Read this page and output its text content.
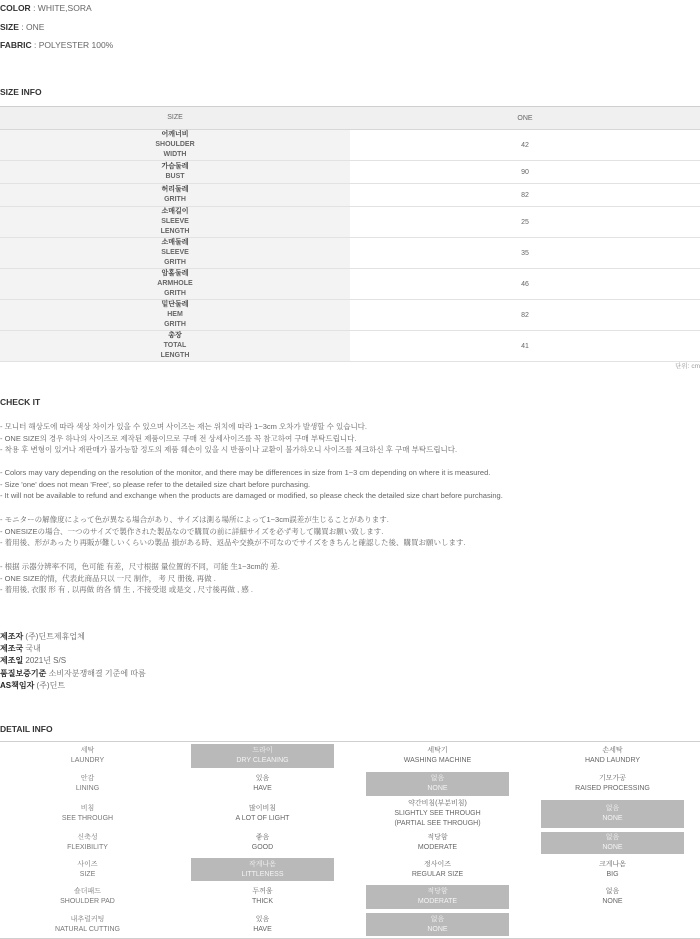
COLOR : WHITE,SORA
SIZE : ONE
FABRIC : POLYESTER 100%
SIZE INFO
SIZE	ONE
어깨너비
SHOULDER
WIDTH
42
가슴둘레
BUST
90
허리둘레
GRITH
82
소매길이
SLEEVE
LENGTH
25
소매둘레
SLEEVE
GRITH
35
암홀둘레
ARMHOLE
GRITH
46
밑단둘레
HEM
GRITH
82
총장
TOTAL
LENGTH
41
단위: cm
CHECK IT
- 모니터 해상도에 따라 색상 차이가 있을 수 있으며 사이즈는 재는 위치에 따라 1~3cm 오차가 발생할 수 있습니다.
- ONE SIZE의 경우 하나의 사이즈로 제작된 제품이므로 구매 전 상세사이즈를 꼭 참고하여 구매 부탁드립니다.
- 착용 후 변형이 있거나 재판매가 불가능할 정도의 제품 훼손이 있을 시 반품이나 교환이 불가하오니 사이즈를 체크하신 후 구매 부탁드립니다.
- Colors may vary depending on the resolution of the monitor, and there may be differences in size from 1~3 cm depending on where it is measured.
- Size 'one' does not mean 'Free', so please refer to the detailed size chart before purchasing.
- It will not be available to refund and exchange when the products are damaged or modified, so please check the detailed size chart before purchasing.
- モニターの解像度によって色が異なる場合があり、サイズは測る場所によって1~3cm誤差が生じることがあります.
- ONESIZEの場合、一つのサイズで製作された製品なので購買の前に詳細サイズを必ず考して購買お願い致します.
- 着用後、形があったり再販が難しいくらいの製品 損がある時、返品や交換が不可なのでサイズをきちんと確認した後、購買お願いします.
- 根据 示器分辨率不同，色可能 有差，尺寸根据 量位置的不同，可能 生1~3cm的 差.
- ONE SIZE的情，代表此商品只以 一尺 制作， 考 尺 册後, 再做 .
- 着用後, 衣服 形 有 , 以再做 的各 情 生 , 不接受退 或是交 , 尺寸後再做 , 感 .
제조자 (주)딘트제휴업체
제조국 국내
제조일 2021년 S/S
품질보증기준 소비자분쟁해결 기준에 따름
AS책임자 (주)딘트
DETAIL INFO
세탁
LAUNDRY
드라이
DRY CLEANING
세탁기
WASHING MACHINE
손세탁
HAND LAUNDRY
안감
LINING
있음
HAVE
없음
NONE
기모가공
RAISED PROCESSING
비침
SEE THROUGH
많이비침
A LOT OF LIGHT
약간비침(부분비침)
SLIGHTLY SEE THROUGH
(PARTIAL SEE THROUGH)
없음
NONE
신축성
FLEXIBILITY
좋음
GOOD
적당함
MODERATE
없음
NONE
사이즈
SIZE
작게나옴
LITTLENESS
정사이즈
REGULAR SIZE
크게나옴
BIG
숄더패드
SHOULDER PAD
두꺼움
THICK
적당함
MODERATE
없음
NONE
내추럴커팅
NATURAL CUTTING
있음
HAVE
없음
NONE
